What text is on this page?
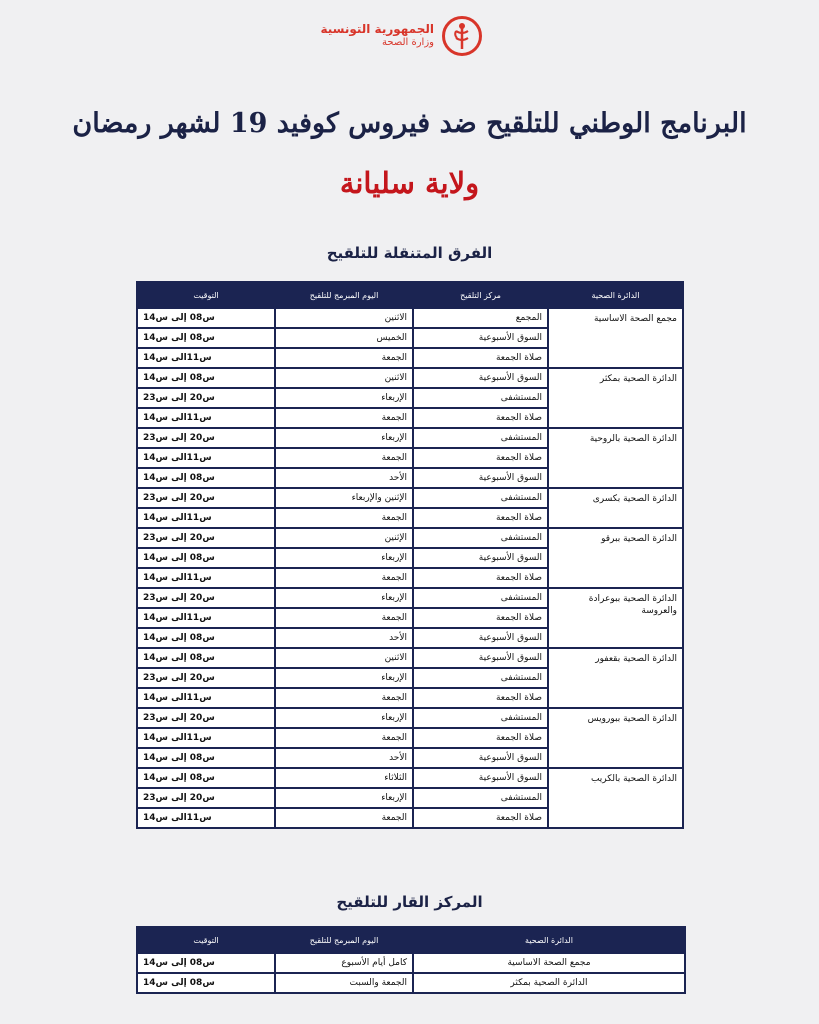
الجمهورية التونسية
وزارة الصحة
البرنامج الوطني للتلقيح ضد فيروس كوفيد 19 لشهر رمضان
ولاية سليانة
الفرق المتنقلة للتلقيح
الدائرة الصحية	مركز التلقيح	اليوم المبرمج للتلقيح	التوقيت
مجمع الصحة الاساسية	المجمع	الاثنين	س08 إلى س14
	السوق الأسبوعية	الخميس	س08 إلى س14
	صلاة الجمعة	الجمعة	س11الى س14
الدائرة الصحية بمكثر	السوق الأسبوعية	الاثنين	س08 إلى س14
	المستشفى	الإربعاء	س20 إلى س23
	صلاة الجمعة	الجمعة	س11الى س14
الدائرة الصحية بالروحية	المستشفى	الإربعاء	س20 إلى س23
	صلاة الجمعة	الجمعة	س11الى س14
	السوق الأسبوعية	الأحد	س08 إلى س14
الدائرة الصحية بكسرى	المستشفى	الإثنين والإربعاء	س20 إلى س23
	صلاة الجمعة	الجمعة	س11الى س14
الدائرة الصحية ببرقو	المستشفى	الإثنين	س20 إلى س23
	السوق الأسبوعية	الإربعاء	س08 إلى س14
	صلاة الجمعة	الجمعة	س11الى س14
الدائرة الصحية ببوعرادة والعروسة	المستشفى	الإربعاء	س20 إلى س23
	صلاة الجمعة	الجمعة	س11الى س14
	السوق الأسبوعية	الأحد	س08 إلى س14
الدائرة الصحية بقعفور	السوق الأسبوعية	الاثنين	س08 إلى س14
	المستشفى	الإربعاء	س20 إلى س23
	صلاة الجمعة	الجمعة	س11الى س14
الدائرة الصحية ببورويس	المستشفى	الإربعاء	س20 إلى س23
	صلاة الجمعة	الجمعة	س11الى س14
	السوق الأسبوعية	الأحد	س08 إلى س14
الدائرة الصحية بالكريب	السوق الأسبوعية	الثلاثاء	س08 إلى س14
	المستشفى	الإربعاء	س20 إلى س23
	صلاة الجمعة	الجمعة	س11الى س14
المركز القار للتلقيح
الدائرة الصحية	اليوم المبرمج للتلقيح	التوقيت
مجمع الصحة الاساسية	كامل أيام الأسبوع	س08 إلى س14
الدائرة الصحية بمكثر	الجمعة والسبت	س08 إلى س14
